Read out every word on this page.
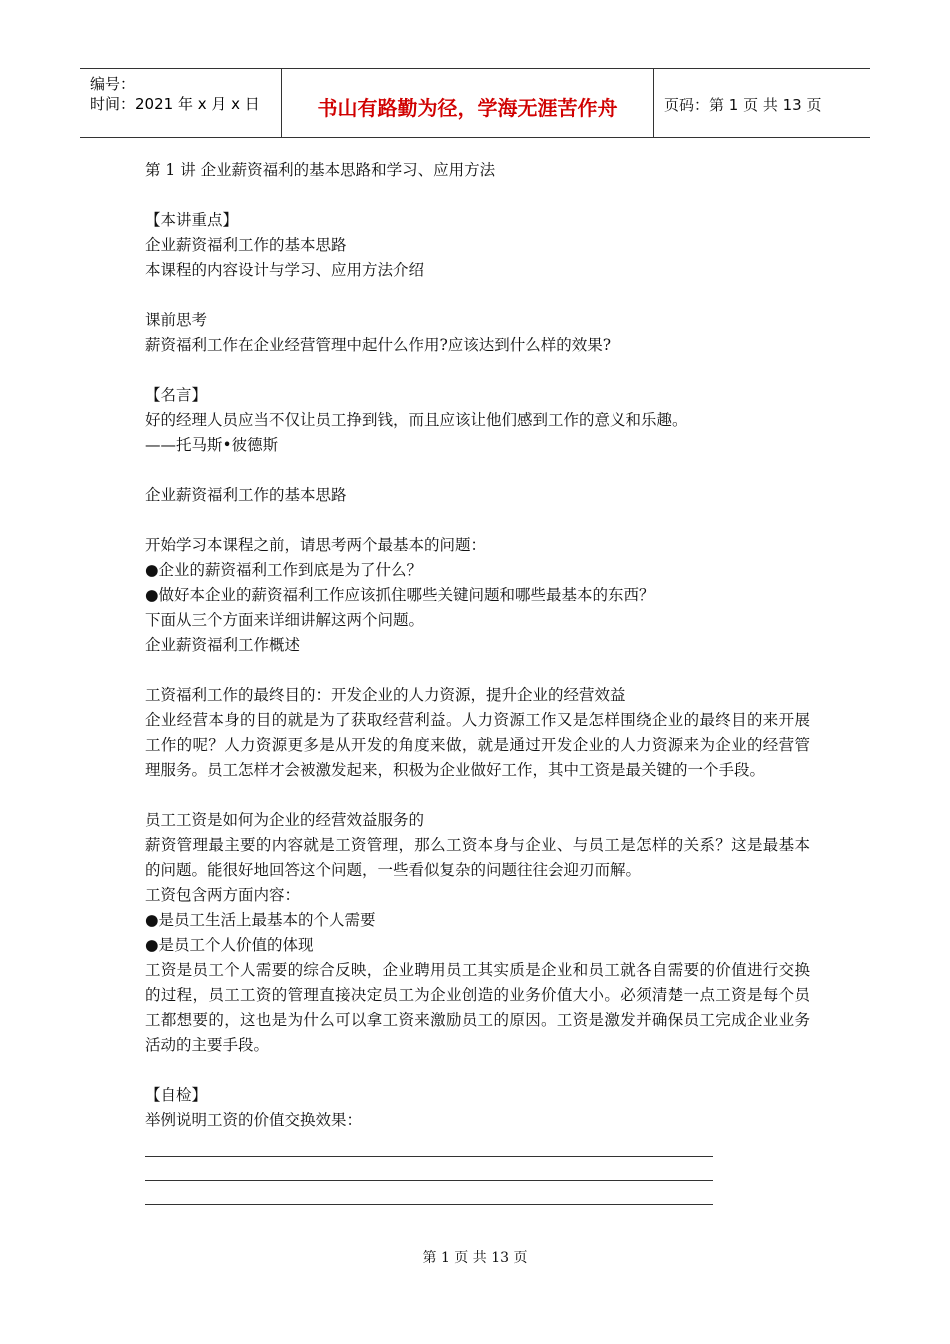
编号：
时间：2021 年 x 月 x 日	书山有路勤为径，学海无涯苦作舟	页码：第 1 页 共 13 页

第 1 讲 企业薪资福利的基本思路和学习、应用方法

【本讲重点】

企业薪资福利工作的基本思路

本课程的内容设计与学习、应用方法介绍

课前思考

薪资福利工作在企业经营管理中起什么作用?应该达到什么样的效果?

【名言】

好的经理人员应当不仅让员工挣到钱，而且应该让他们感到工作的意义和乐趣。

——托马斯•彼德斯

企业薪资福利工作的基本思路

开始学习本课程之前，请思考两个最基本的问题：

●企业的薪资福利工作到底是为了什么？

●做好本企业的薪资福利工作应该抓住哪些关键问题和哪些最基本的东西？

下面从三个方面来详细讲解这两个问题。

企业薪资福利工作概述

工资福利工作的最终目的：开发企业的人力资源，提升企业的经营效益

企业经营本身的目的就是为了获取经营利益。人力资源工作又是怎样围绕企业的最终目的来开展工作的呢？人力资源更多是从开发的角度来做，就是通过开发企业的人力资源来为企业的经营管理服务。员工怎样才会被激发起来，积极为企业做好工作，其中工资是最关键的一个手段。

员工工资是如何为企业的经营效益服务的

薪资管理最主要的内容就是工资管理，那么工资本身与企业、与员工是怎样的关系？这是最基本的问题。能很好地回答这个问题，一些看似复杂的问题往往会迎刃而解。

工资包含两方面内容：

●是员工生活上最基本的个人需要

●是员工个人价值的体现

工资是员工个人需要的综合反映，企业聘用员工其实质是企业和员工就各自需要的价值进行交换的过程，员工工资的管理直接决定员工为企业创造的业务价值大小。必须清楚一点工资是每个员工都想要的，这也是为什么可以拿工资来激励员工的原因。工资是激发并确保员工完成企业业务活动的主要手段。

【自检】

举例说明工资的价值交换效果：

第 1 页 共 13 页
